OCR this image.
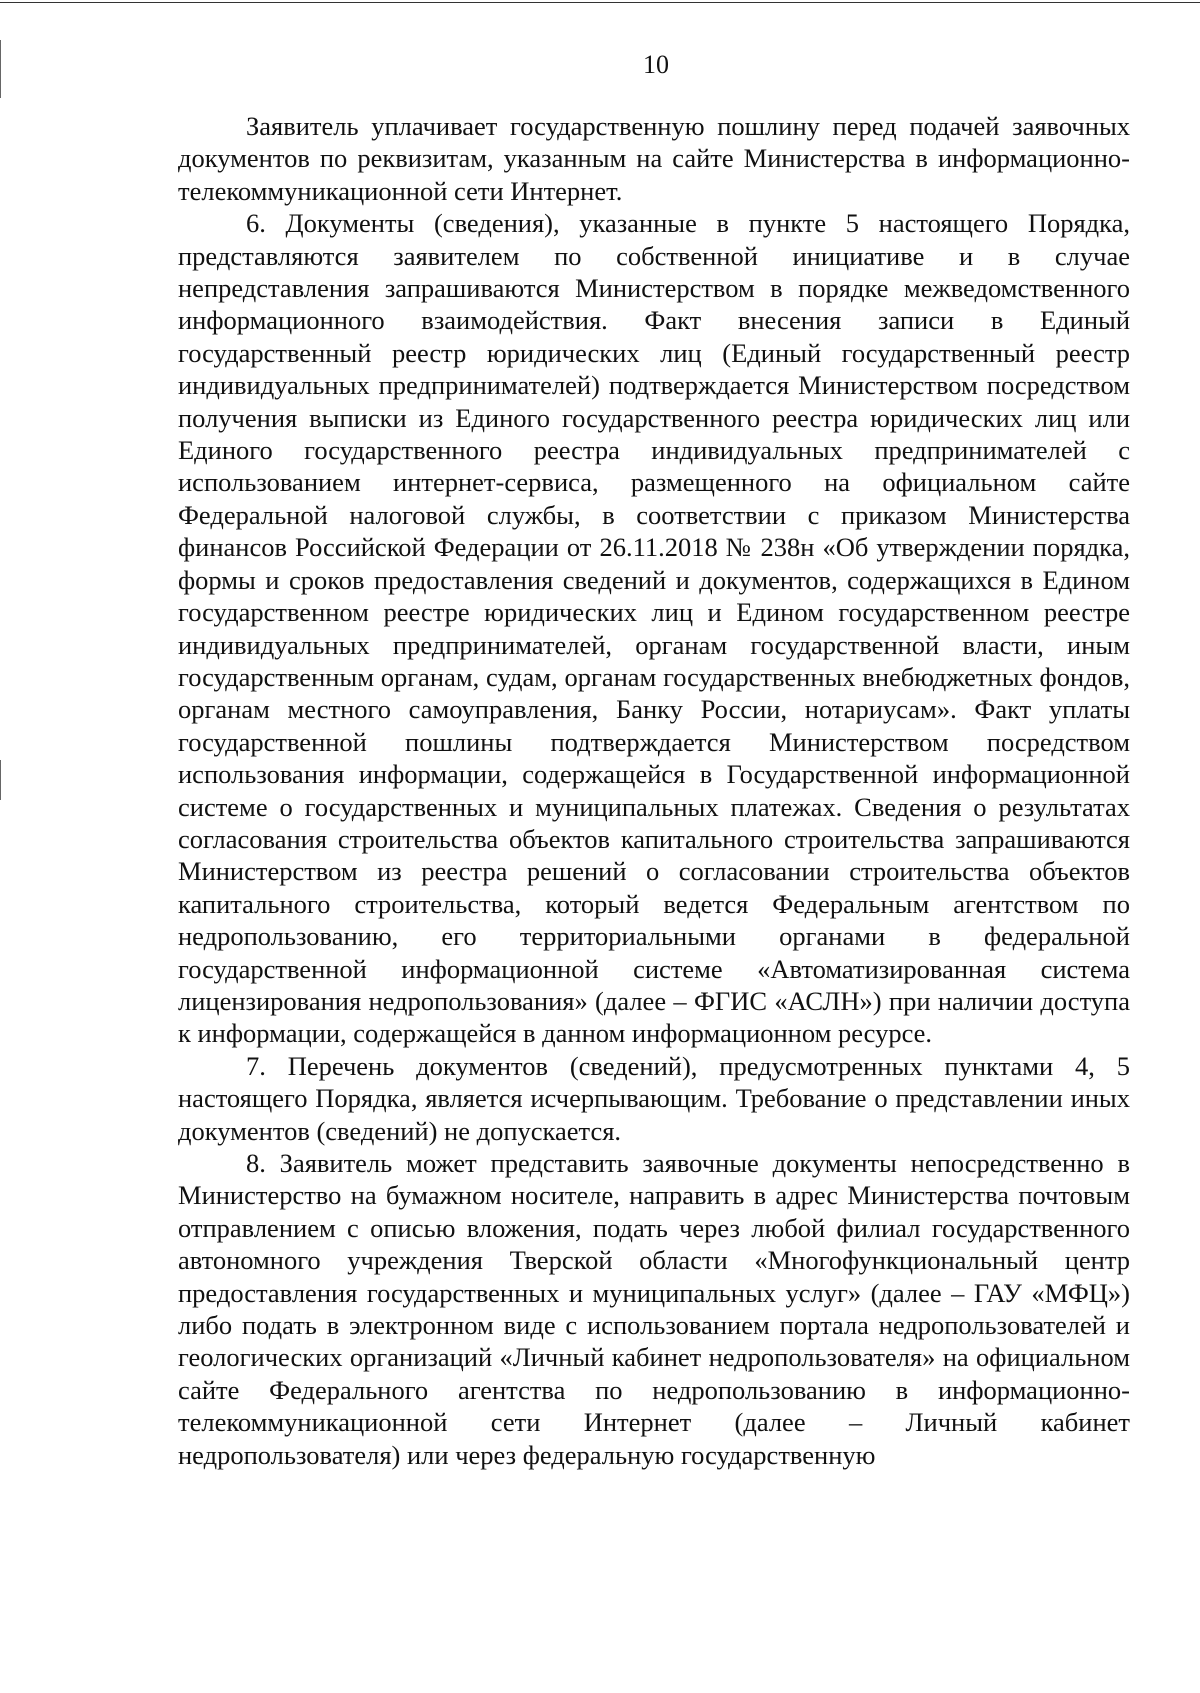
10

Заявитель уплачивает государственную пошлину перед подачей заявочных документов по реквизитам, указанным на сайте Министерства в информационно-телекоммуникационной сети Интернет.

6. Документы (сведения), указанные в пункте 5 настоящего Порядка, представляются заявителем по собственной инициативе и в случае непредставления запрашиваются Министерством в порядке межведомственного информационного взаимодействия. Факт внесения записи в Единый государственный реестр юридических лиц (Единый государственный реестр индивидуальных предпринимателей) подтверждается Министерством посредством получения выписки из Единого государственного реестра юридических лиц или Единого государственного реестра индивидуальных предпринимателей с использованием интернет-сервиса, размещенного на официальном сайте Федеральной налоговой службы, в соответствии с приказом Министерства финансов Российской Федерации от 26.11.2018 № 238н «Об утверждении порядка, формы и сроков предоставления сведений и документов, содержащихся в Едином государственном реестре юридических лиц и Едином государственном реестре индивидуальных предпринимателей, органам государственной власти, иным государственным органам, судам, органам государственных внебюджетных фондов, органам местного самоуправления, Банку России, нотариусам». Факт уплаты государственной пошлины подтверждается Министерством посредством использования информации, содержащейся в Государственной информационной системе о государственных и муниципальных платежах. Сведения о результатах согласования строительства объектов капитального строительства запрашиваются Министерством из реестра решений о согласовании строительства объектов капитального строительства, который ведется Федеральным агентством по недропользованию, его территориальными органами в федеральной государственной информационной системе «Автоматизированная система лицензирования недропользования» (далее – ФГИС «АСЛН») при наличии доступа к информации, содержащейся в данном информационном ресурсе.

7. Перечень документов (сведений), предусмотренных пунктами 4, 5 настоящего Порядка, является исчерпывающим. Требование о представлении иных документов (сведений) не допускается.

8. Заявитель может представить заявочные документы непосредственно в Министерство на бумажном носителе, направить в адрес Министерства почтовым отправлением с описью вложения, подать через любой филиал государственного автономного учреждения Тверской области «Многофункциональный центр предоставления государственных и муниципальных услуг» (далее – ГАУ «МФЦ») либо подать в электронном виде с использованием портала недропользователей и геологических организаций «Личный кабинет недропользователя» на официальном сайте Федерального агентства по недропользованию в информационно-телекоммуникационной сети Интернет (далее – Личный кабинет недропользователя) или через федеральную государственную
